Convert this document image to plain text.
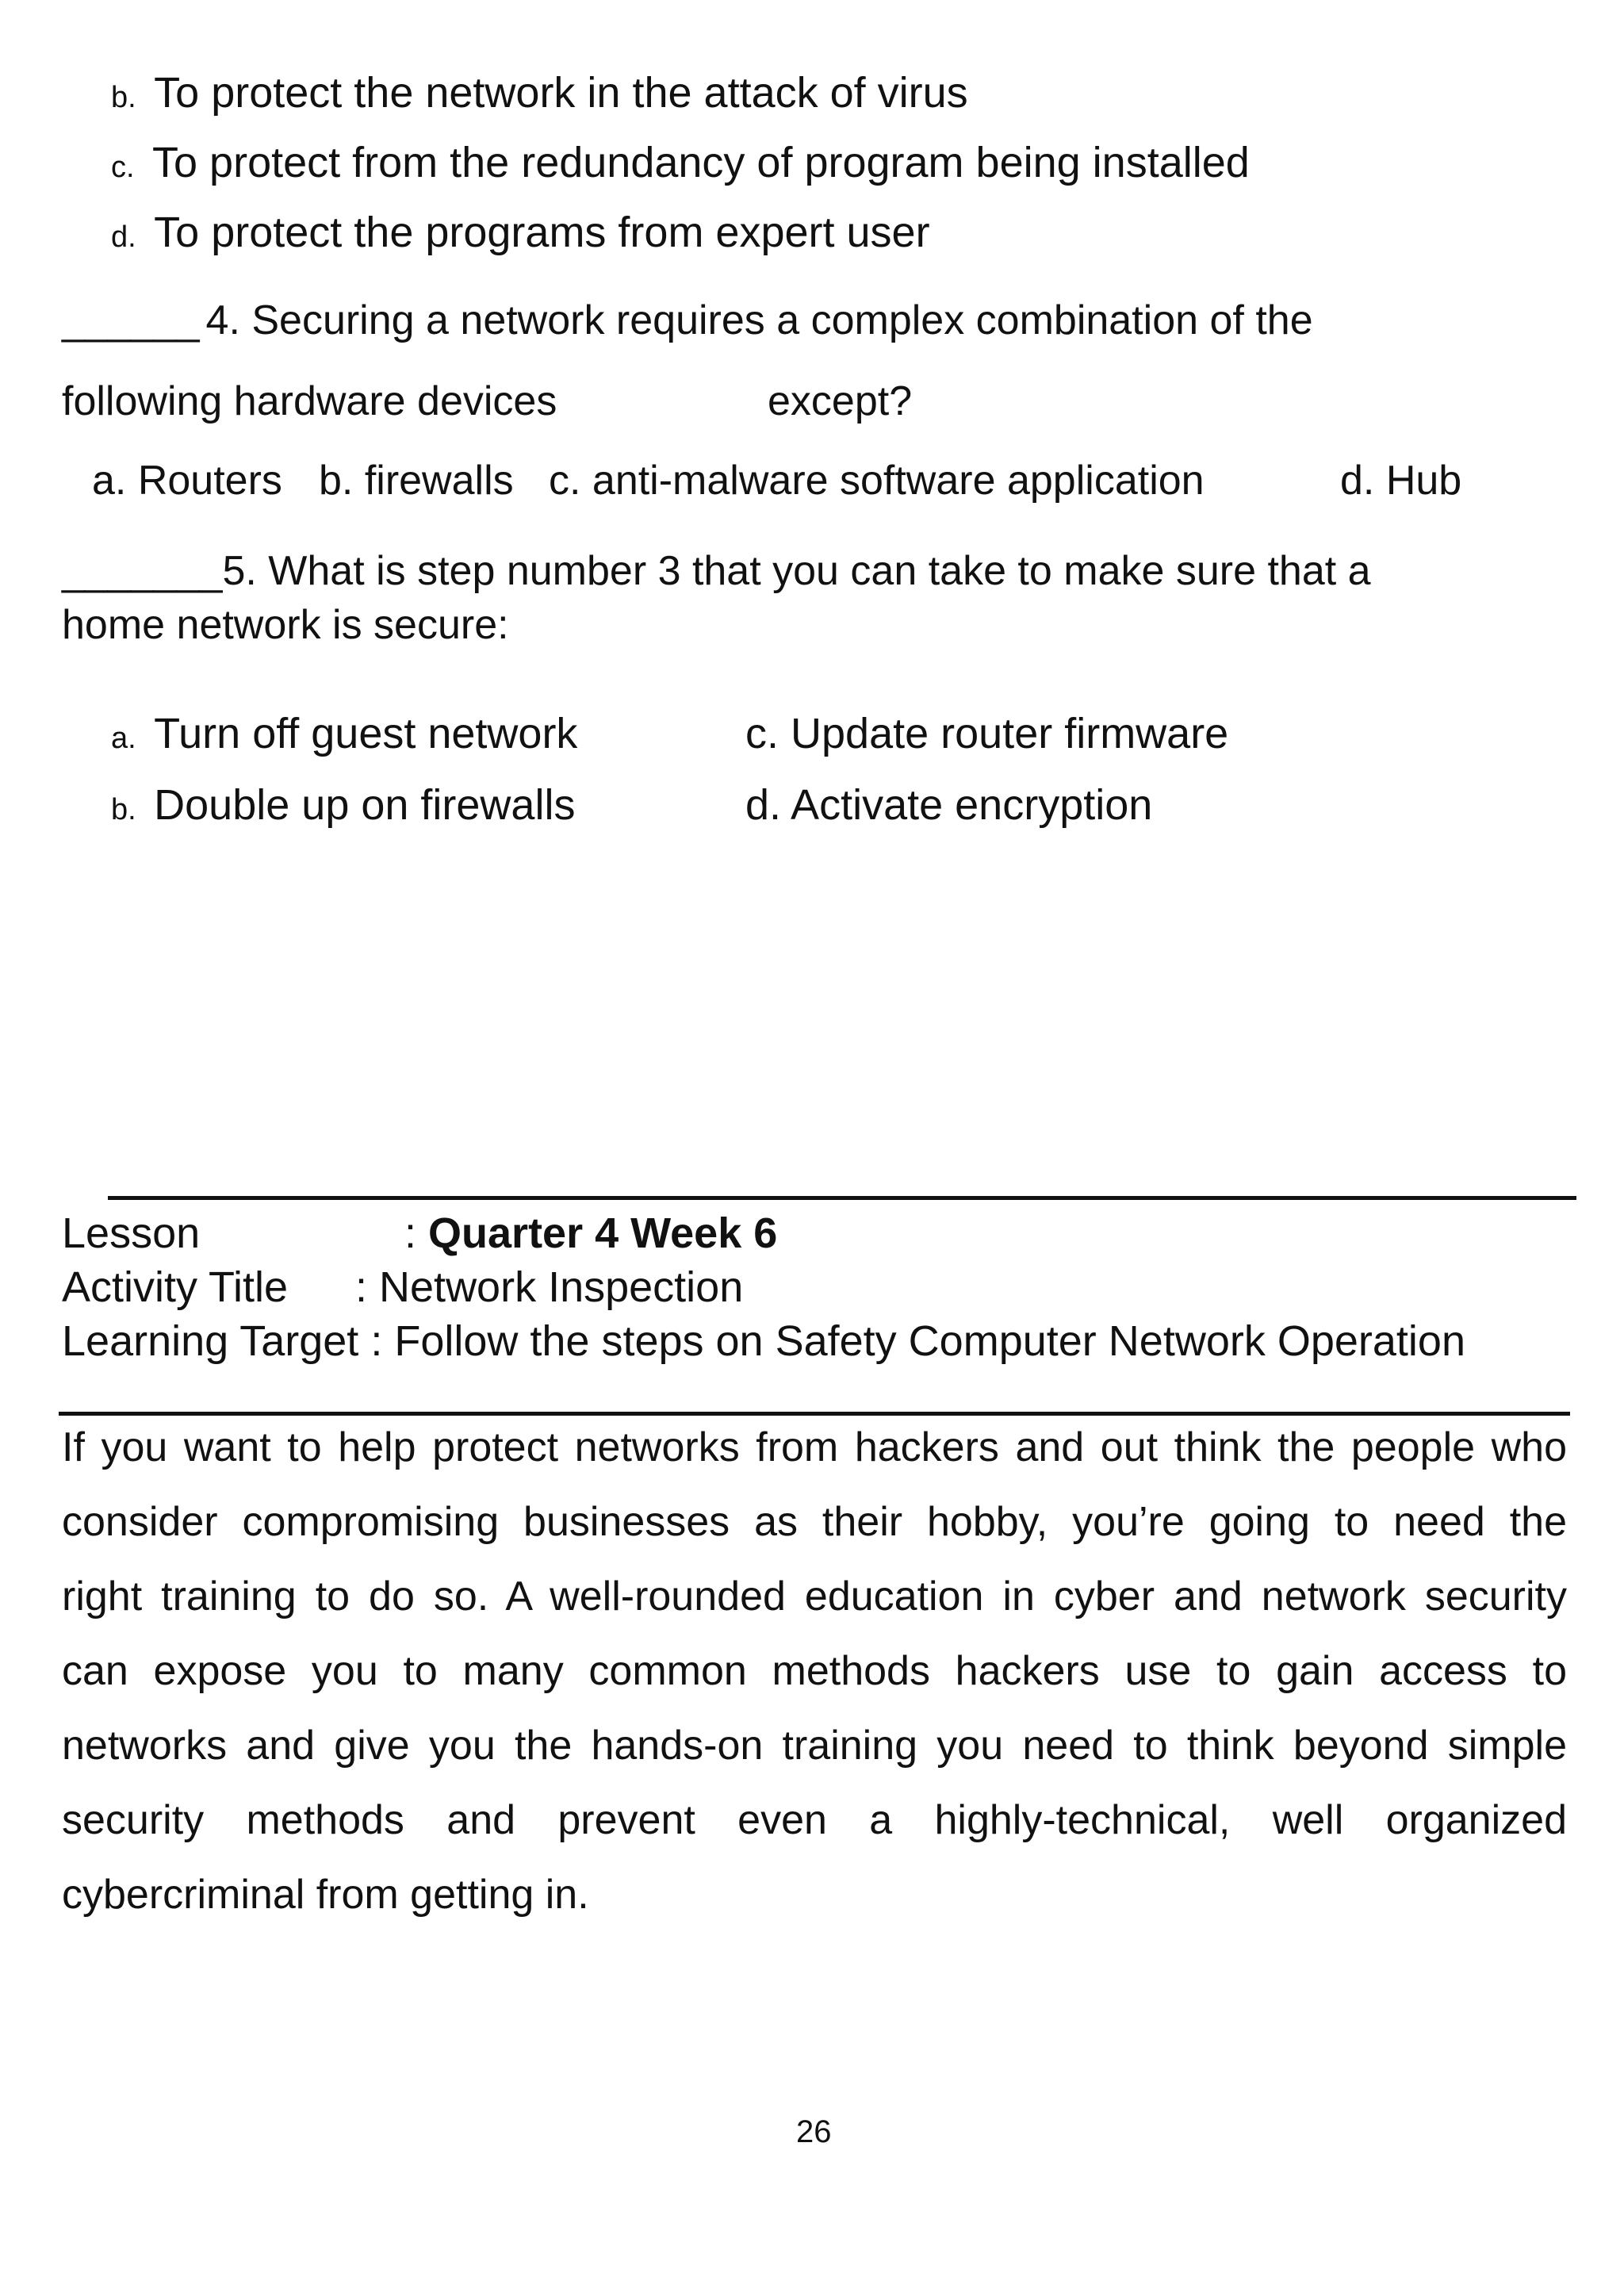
b. To protect the network in the attack of virus
c. To protect from the redundancy of program being installed
d. To protect the programs from expert user
______ 4. Securing a network requires a complex combination of the
following hardware devices	except?
a. Routers b. firewalls c. anti-malware software application	d. Hub
_______5. What is step number 3 that you can take to make sure that a
home network is secure:
a. Turn off guest network
b. Double up on firewalls
c. Update router firmware
d. Activate encryption
Lesson	: Quarter 4 Week 6
Activity Title : Network Inspection
Learning Target : Follow the steps on Safety Computer Network Operation
If you want to help protect networks from hackers and out think the people who
consider compromising businesses as their hobby, you’re going to need the
right training to do so. A well-rounded education in cyber and network security
can expose you to many common methods hackers use to gain access to
networks and give you the hands-on training you need to think beyond simple
security methods and prevent even a highly-technical, well organized
cybercriminal from getting in.
26
